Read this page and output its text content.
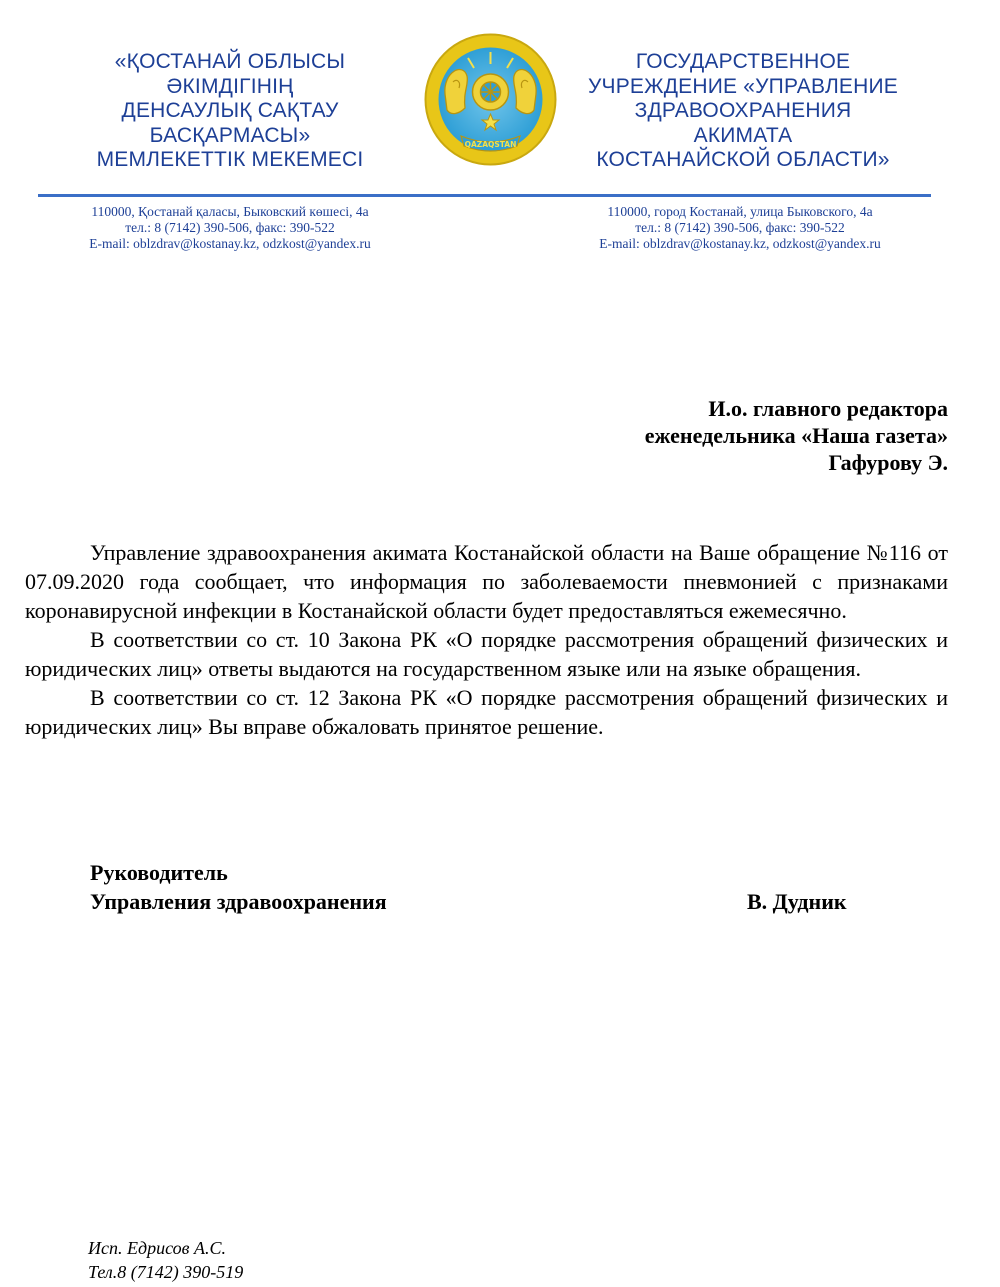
«ҚОСТАНАЙ ОБЛЫСЫ
ӘКІМДІГІНІҢ
ДЕНСАУЛЫҚ САҚТАУ
БАСҚАРМАСЫ»
МЕМЛЕКЕТТІК МЕКЕМЕСІ
QAZAQSTAN
ГОСУДАРСТВЕННОЕ
УЧРЕЖДЕНИЕ «УПРАВЛЕНИЕ
ЗДРАВООХРАНЕНИЯ
АКИМАТА
КОСТАНАЙСКОЙ ОБЛАСТИ»
110000, Қостанай қаласы, Быковский көшесі, 4а
тел.: 8 (7142) 390-506, факс: 390-522
E-mail: oblzdrav@kostanay.kz, odzkost@yandex.ru
110000, город Костанай, улица Быковского, 4а
тел.: 8 (7142) 390-506, факс: 390-522
E-mail: oblzdrav@kostanay.kz, odzkost@yandex.ru
И.о. главного редактора
еженедельника «Наша газета»
Гафурову Э.

Управление здравоохранения акимата Костанайской области на Ваше обращение №116 от 07.09.2020 года сообщает, что информация по заболеваемости пневмонией с признаками коронавирусной инфекции в Костанайской области будет предоставляться ежемесячно.

В соответствии со ст. 10 Закона РК «О порядке рассмотрения обращений физических и юридических лиц» ответы выдаются на государственном языке или на языке обращения.

В соответствии со ст. 12 Закона РК «О порядке рассмотрения обращений физических и юридических лиц» Вы вправе обжаловать принятое решение.

Руководитель
Управления здравоохранения	В. Дудник
Исп. Едрисов А.С.
Тел.8 (7142) 390-519
